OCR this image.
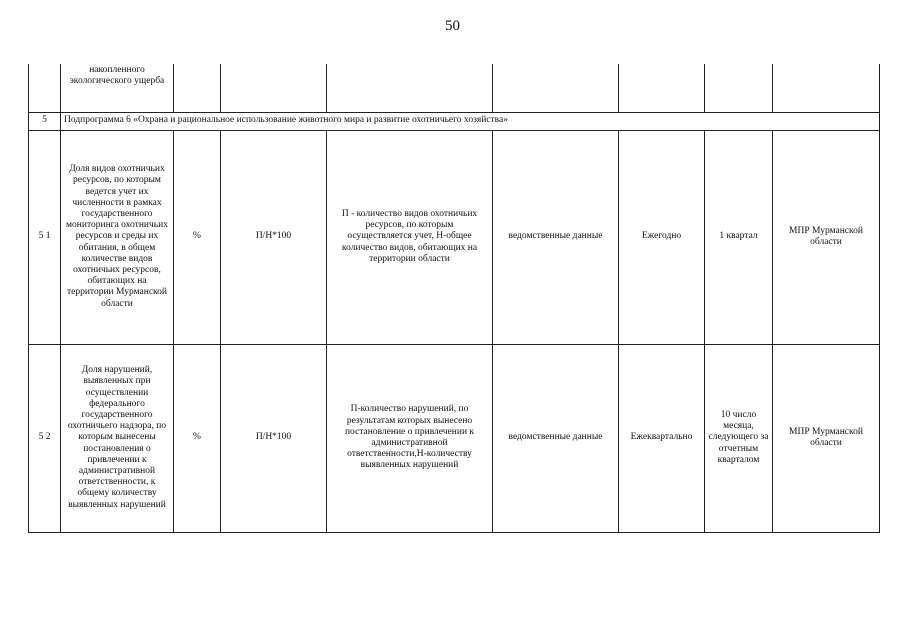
50
	накопленного экологического ущерба							
5	Подпрограмма 6 «Охрана и рациональное использование животного мира и развитие охотничьего хозяйства»							
5 1	Доля видов охотничьих ресурсов, по которым ведется учет их численности в рамках государственного мониторинга охотничьих ресурсов и среды их обитания, в общем количестве видов охотничьих ресурсов, обитающих на территории Мурманской области	%	П/Н*100	П - количество видов охотничьих ресурсов, по которым осуществляется учет, Н-общее количество видов, обитающих на территории области	ведомственные данные	Ежегодно	1 квартал	МПР Мурманской области
5 2	Доля нарушений, выявленных при осуществлении федерального государственного охотничьего надзора, по которым вынесены постановления о привлечении к административной ответственности, к общему количеству выявленных нарушений	%	П/Н*100	П-количество нарушений, по результатам которых вынесено постановление о привлечении к административной ответственности,Н-количеству выявленных нарушений	ведомственные данные	Ежеквартально	10 число месяца, следующего за отчетным кварталом	МПР Мурманской области
